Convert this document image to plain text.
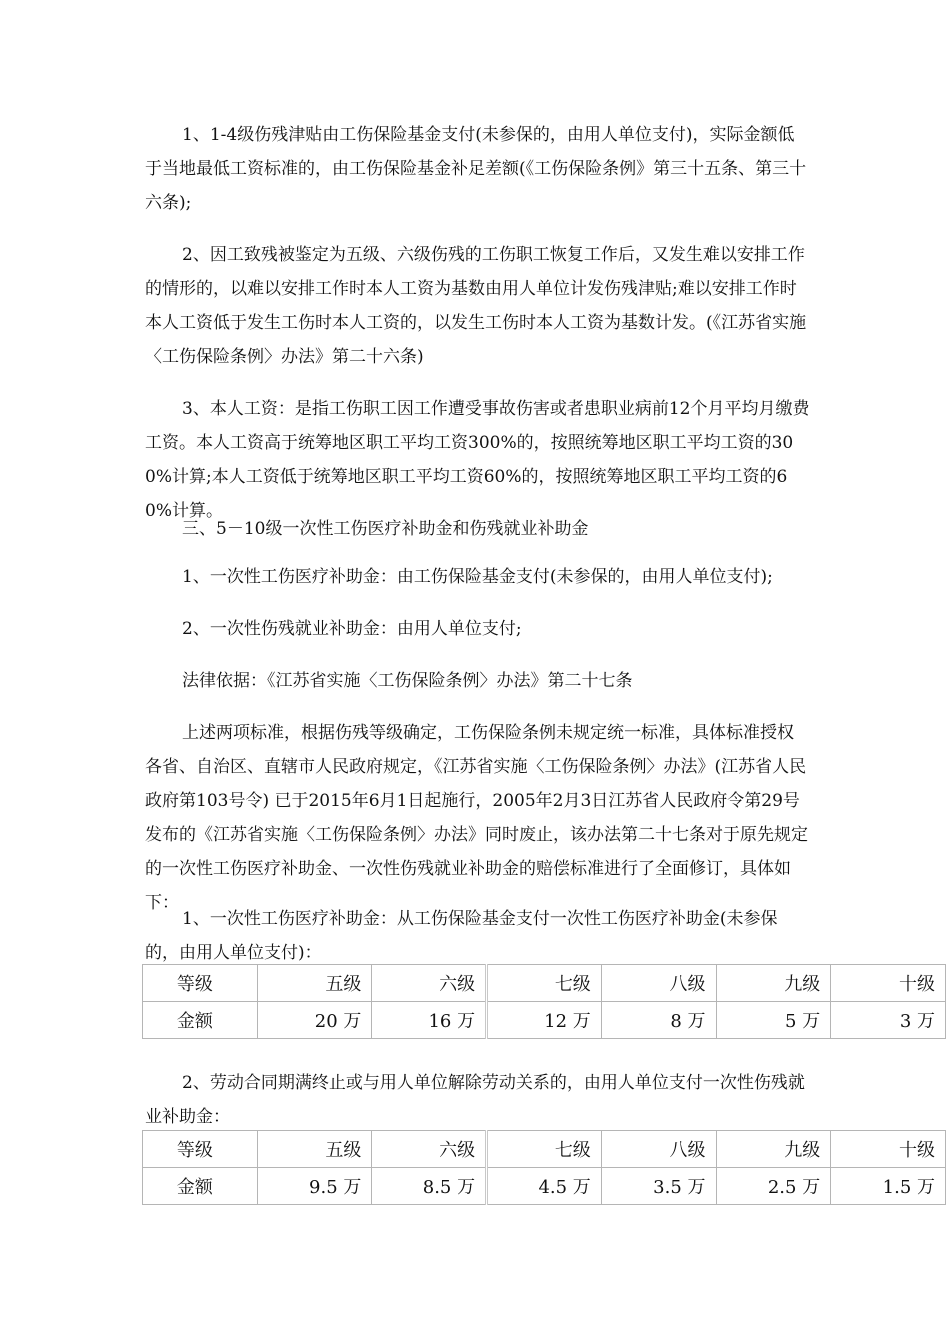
1、1-4级伤残津贴由工伤保险基金支付(未参保的，由用人单位支付)，实际金额低于当地最低工资标准的，由工伤保险基金补足差额(《工伤保险条例》第三十五条、第三十六条);
2、因工致残被鉴定为五级、六级伤残的工伤职工恢复工作后，又发生难以安排工作的情形的，以难以安排工作时本人工资为基数由用人单位计发伤残津贴;难以安排工作时本人工资低于发生工伤时本人工资的，以发生工伤时本人工资为基数计发。(《江苏省实施〈工伤保险条例〉办法》第二十六条)
3、本人工资：是指工伤职工因工作遭受事故伤害或者患职业病前12个月平均月缴费工资。本人工资高于统筹地区职工平均工资300%的，按照统筹地区职工平均工资的300%计算;本人工资低于统筹地区职工平均工资60%的，按照统筹地区职工平均工资的60%计算。
三、5－10级一次性工伤医疗补助金和伤残就业补助金
1、一次性工伤医疗补助金：由工伤保险基金支付(未参保的，由用人单位支付);
2、一次性伤残就业补助金：由用人单位支付;
法律依据：《江苏省实施〈工伤保险条例〉办法》第二十七条
上述两项标准，根据伤残等级确定，工伤保险条例未规定统一标准，具体标准授权各省、自治区、直辖市人民政府规定，《江苏省实施〈工伤保险条例〉办法》(江苏省人民政府第103号令) 已于2015年6月1日起施行，2005年2月3日江苏省人民政府令第29号发布的《江苏省实施〈工伤保险条例〉办法》同时废止，该办法第二十七条对于原先规定的一次性工伤医疗补助金、一次性伤残就业补助金的赔偿标准进行了全面修订，具体如下：
1、一次性工伤医疗补助金：从工伤保险基金支付一次性工伤医疗补助金(未参保的，由用人单位支付)：
等级	五级	六级	七级	八级	九级	十级
金额	20 万	16 万	12 万	8 万	5 万	3 万
2、劳动合同期满终止或与用人单位解除劳动关系的，由用人单位支付一次性伤残就业补助金：
等级	五级	六级	七级	八级	九级	十级
金额	9.5 万	8.5 万	4.5 万	3.5 万	2.5 万	1.5 万
